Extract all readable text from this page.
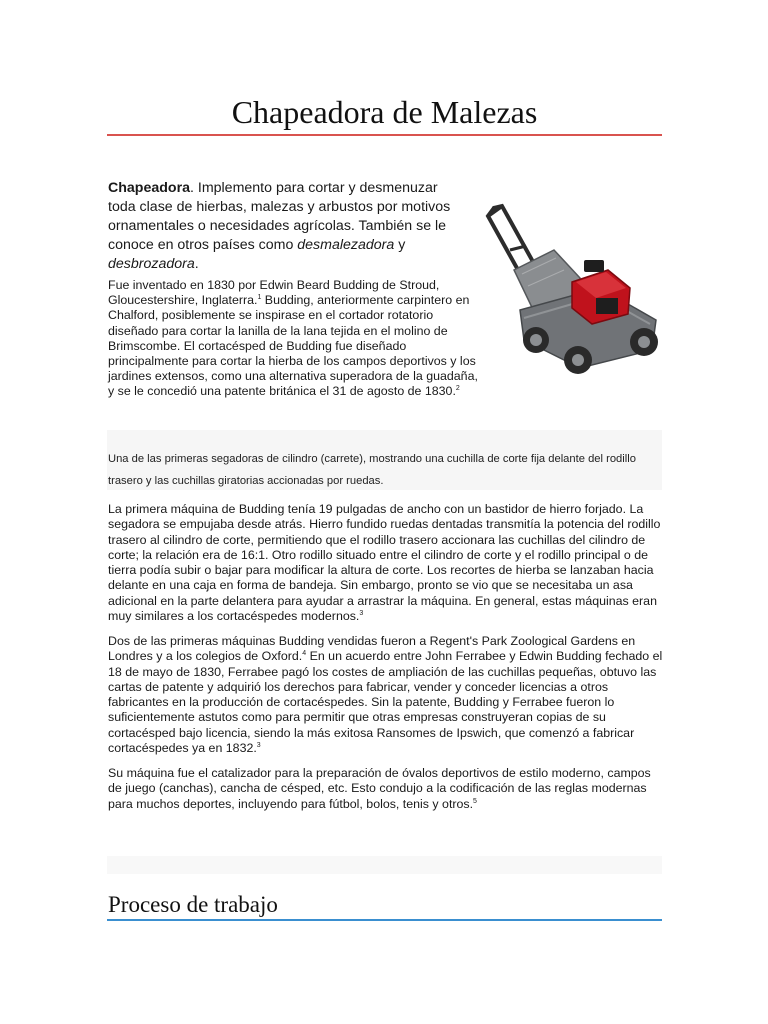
Chapeadora de Malezas

Chapeadora. Implemento para cortar y desmenuzar toda clase de hierbas, malezas y arbustos por motivos ornamentales o necesidades agrícolas. También se le conoce en otros países como desmalezadora y desbrozadora.

Fue inventado en 1830 por Edwin Beard Budding de Stroud, Gloucestershire, Inglaterra.$^1$ Budding, anteriormente carpintero en Chalford, posiblemente se inspirase en el cortador rotatorio diseñado para cortar la lanilla de la lana tejida en el molino de Brimscombe. El cortacésped de Budding fue diseñado principalmente para cortar la hierba de los campos deportivos y los jardines extensos, como una alternativa superadora de la guadaña, y se le concedió una patente británica el 31 de agosto de 1830.$^2$

Una de las primeras segadoras de cilindro (carrete), mostrando una cuchilla de corte fija delante del rodillo trasero y las cuchillas giratorias accionadas por ruedas.

La primera máquina de Budding tenía 19 pulgadas de ancho con un bastidor de hierro forjado. La segadora se empujaba desde atrás. Hierro fundido ruedas dentadas transmitía la potencia del rodillo trasero al cilindro de corte, permitiendo que el rodillo trasero accionara las cuchillas del cilindro de corte; la relación era de 16:1. Otro rodillo situado entre el cilindro de corte y el rodillo principal o de tierra podía subir o bajar para modificar la altura de corte. Los recortes de hierba se lanzaban hacia delante en una caja en forma de bandeja. Sin embargo, pronto se vio que se necesitaba un asa adicional en la parte delantera para ayudar a arrastrar la máquina. En general, estas máquinas eran muy similares a los cortacéspedes modernos.$^3$

Dos de las primeras máquinas Budding vendidas fueron a Regent's Park Zoological Gardens en Londres y a los colegios de Oxford.$^4$ En un acuerdo entre John Ferrabee y Edwin Budding fechado el 18 de mayo de 1830, Ferrabee pagó los costes de ampliación de las cuchillas pequeñas, obtuvo las cartas de patente y adquirió los derechos para fabricar, vender y conceder licencias a otros fabricantes en la producción de cortacéspedes. Sin la patente, Budding y Ferrabee fueron lo suficientemente astutos como para permitir que otras empresas construyeran copias de su cortacésped bajo licencia, siendo la más exitosa Ransomes de Ipswich, que comenzó a fabricar cortacéspedes ya en 1832.$^3$

Su máquina fue el catalizador para la preparación de óvalos deportivos de estilo moderno, campos de juego (canchas), cancha de césped, etc. Esto condujo a la codificación de las reglas modernas para muchos deportes, incluyendo para fútbol, bolos, tenis y otros.$^5$

Proceso de trabajo
